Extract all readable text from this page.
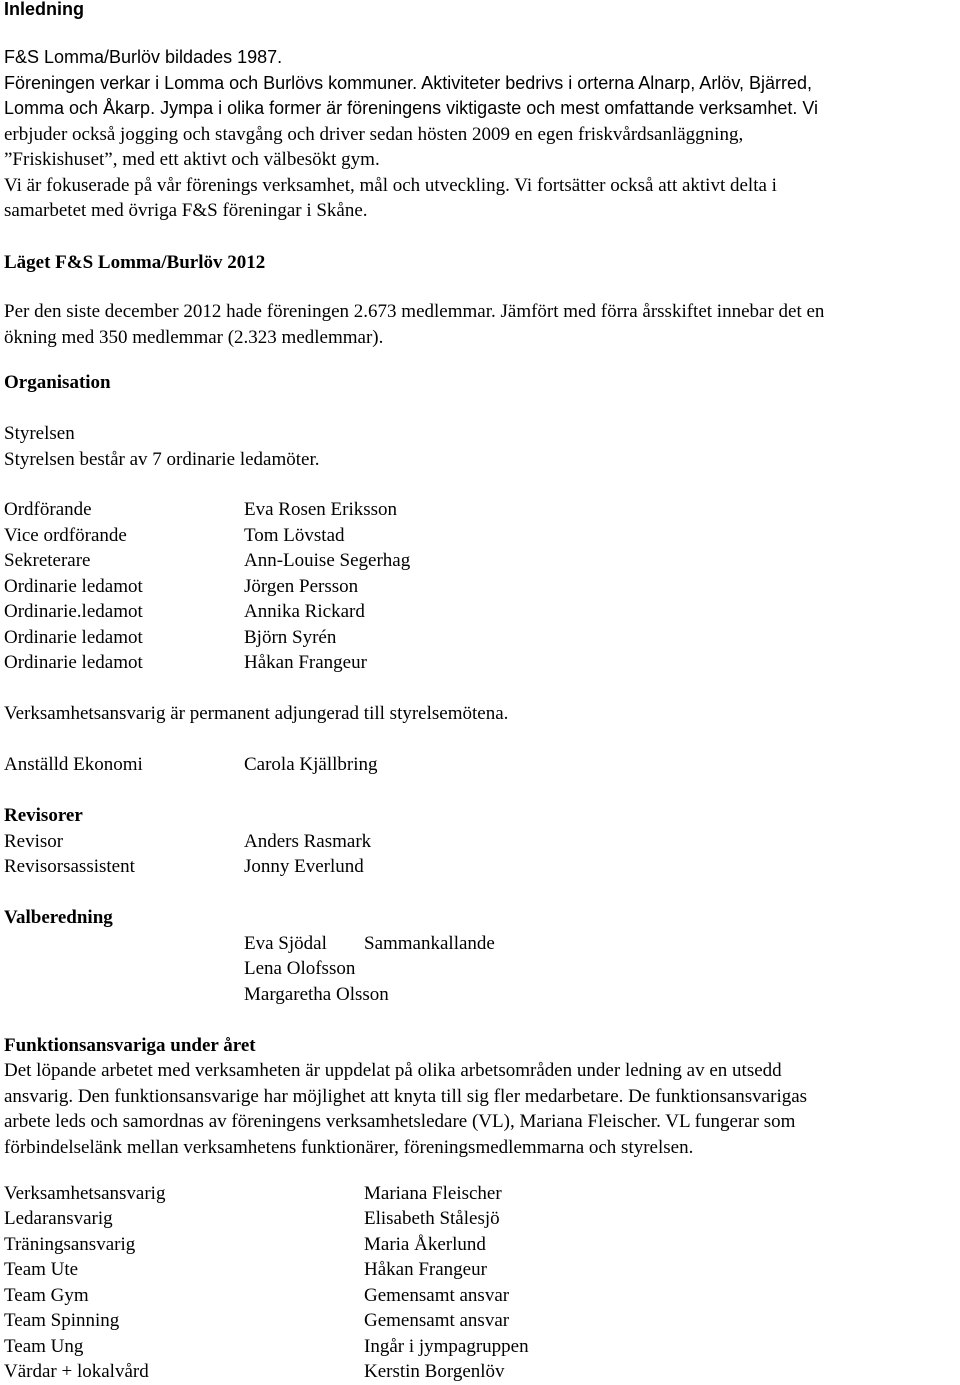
Inledning
F&S Lomma/Burlöv bildades 1987.
Föreningen verkar i Lomma och Burlövs kommuner. Aktiviteter bedrivs i orterna Alnarp, Arlöv, Bjärred,
Lomma och Åkarp. Jympa i olika former är föreningens viktigaste och mest omfattande verksamhet. Vi
erbjuder också jogging och stavgång och driver sedan hösten 2009 en egen friskvårdsanläggning,
”Friskishuset”, med ett aktivt och välbesökt gym.
Vi är fokuserade på vår förenings verksamhet, mål och utveckling. Vi fortsätter också att aktivt delta i
samarbetet med övriga F&S föreningar i Skåne.
Läget F&S Lomma/Burlöv 2012
Per den siste december 2012 hade föreningen 2.673 medlemmar. Jämfört med förra årsskiftet innebar det en
ökning med 350 medlemmar (2.323 medlemmar).
Organisation
Styrelsen
Styrelsen består av 7 ordinarie ledamöter.
Ordförande	Eva Rosen Eriksson
Vice ordförande	Tom Lövstad
Sekreterare	Ann-Louise Segerhag
Ordinarie ledamot	Jörgen Persson
Ordinarie.ledamot	Annika Rickard
Ordinarie ledamot	Björn Syrén
Ordinarie ledamot	Håkan Frangeur
Verksamhetsansvarig är permanent adjungerad till styrelsemötena.
Anställd Ekonomi	Carola Kjällbring
Revisorer
Revisor	Anders Rasmark
Revisorsassistent	Jonny Everlund
Valberedning
Eva Sjödal Sammankallande
Lena Olofsson
Margaretha Olsson
Funktionsansvariga under året
Det löpande arbetet med verksamheten är uppdelat på olika arbetsområden under ledning av en utsedd
ansvarig. Den funktionsansvarige har möjlighet att knyta till sig fler medarbetare. De funktionsansvarigas
arbete leds och samordnas av föreningens verksamhetsledare (VL), Mariana Fleischer. VL fungerar som
förbindelselänk mellan verksamhetens funktionärer, föreningsmedlemmarna och styrelsen.
Verksamhetsansvarig	Mariana Fleischer
Ledaransvarig	Elisabeth Stålesjö
Träningsansvarig	Maria Åkerlund
Team Ute	Håkan Frangeur
Team Gym	Gemensamt ansvar
Team Spinning	Gemensamt ansvar
Team Ung	Ingår i jympagruppen
Värdar + lokalvård	Kerstin Borgenlöv
